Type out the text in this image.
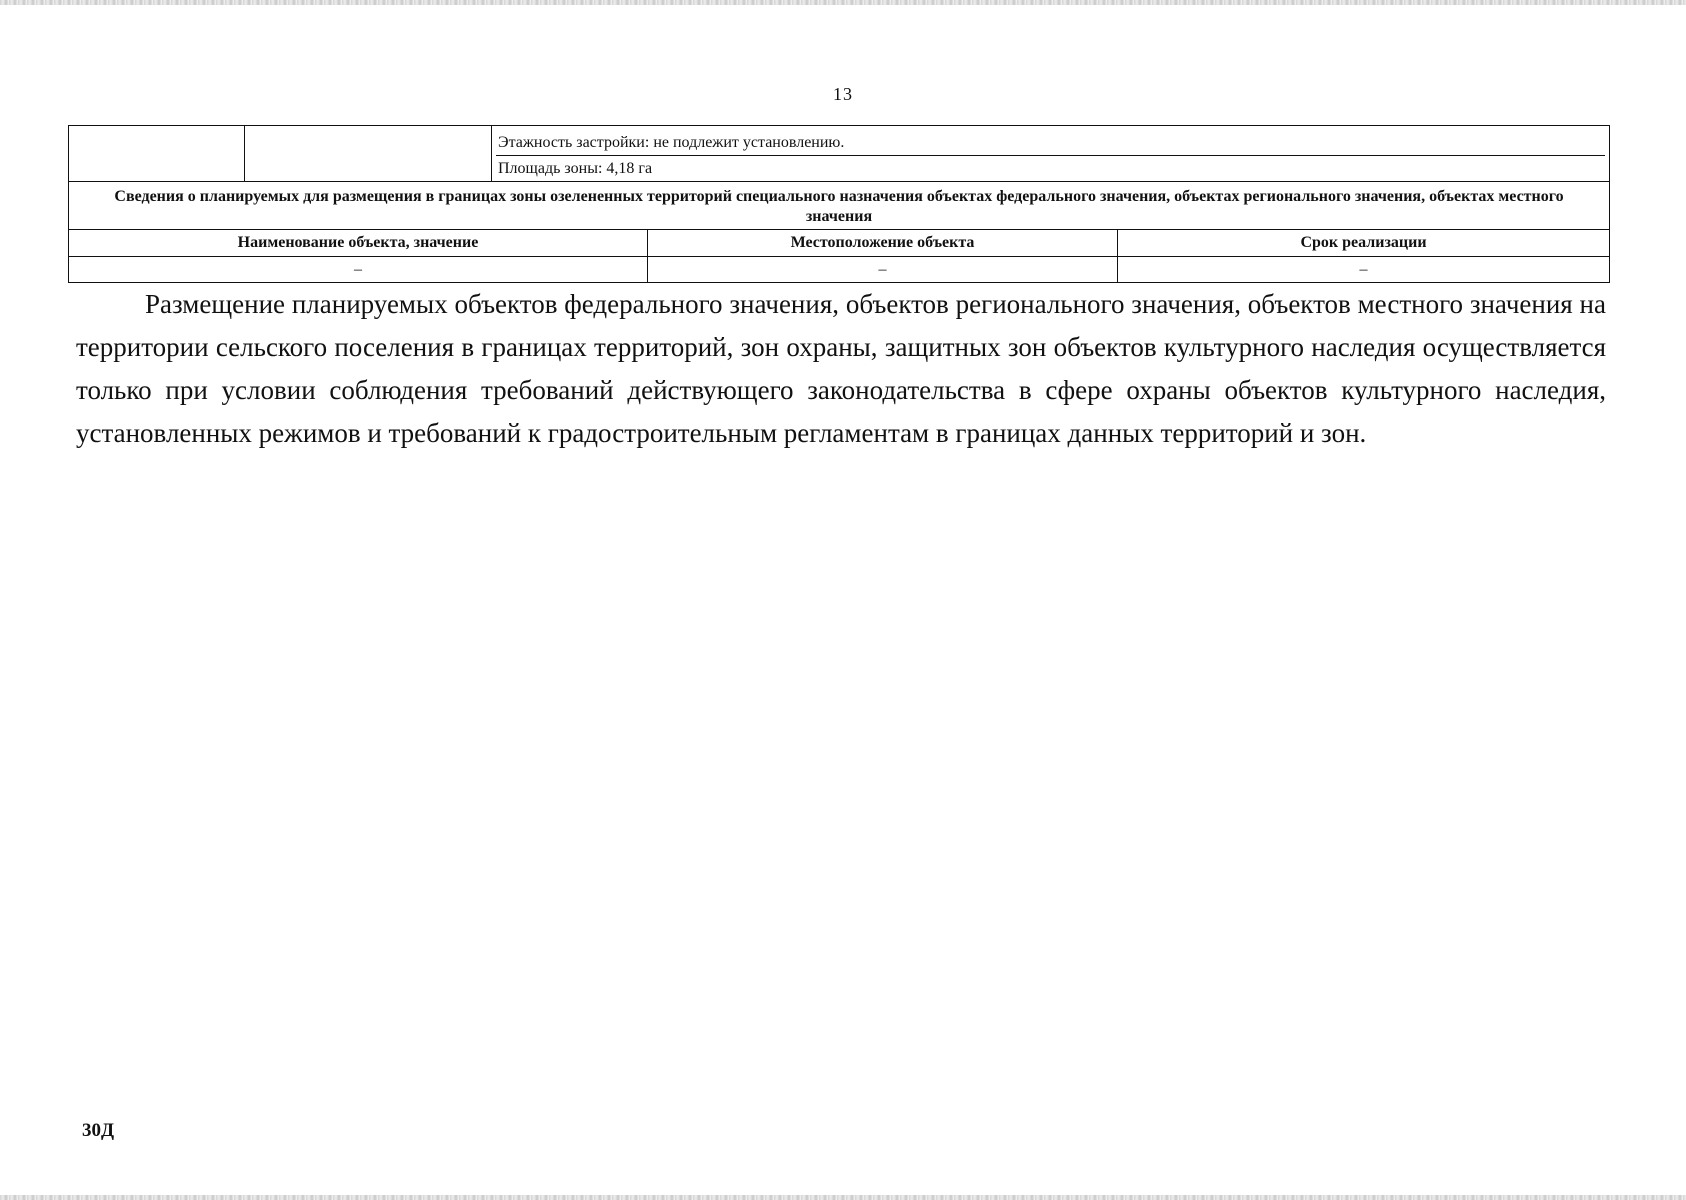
13

		Этажность застройки: не подлежит установлению.
Площадь зоны: 4,18 га		

Сведения о планируемых для размещения в границах зоны озелененных территорий специального назначения объектах федерального значения, объектах регионального значения, объектах местного значения				
Наименование объекта, значение			Местоположение объекта	Срок реализации
–			–	–

Размещение планируемых объектов федерального значения, объектов регионального значения, объектов местного значения на территории сельского поселения в границах территорий, зон охраны, защитных зон объектов культурного наследия осуществляется только при условии соблюдения требований действующего законодательства в сфере охраны объектов культурного наследия, установленных режимов и требований к градостроительным регламентам в границах данных территорий и зон.

30Д
